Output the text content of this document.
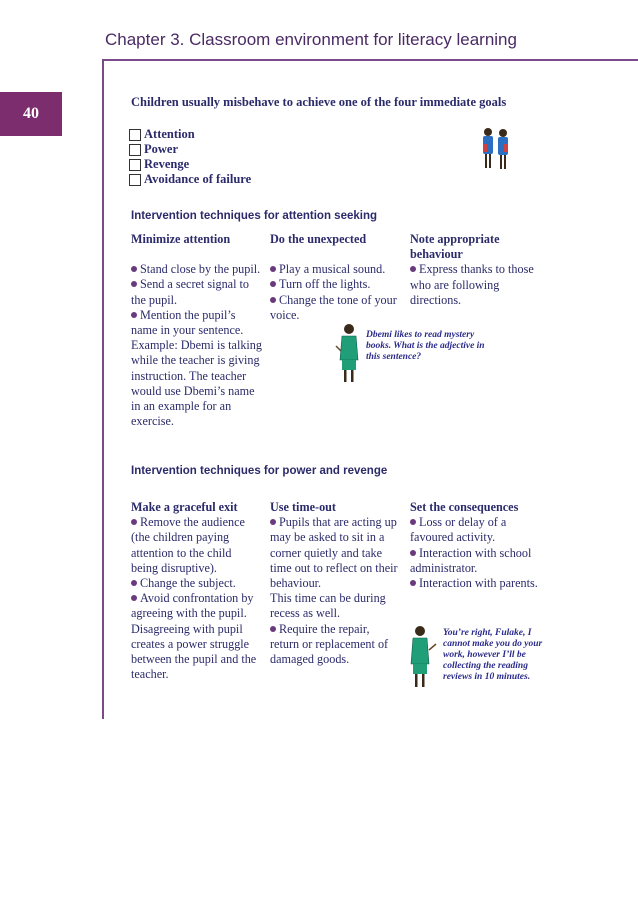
Chapter 3. Classroom environment for literacy learning
40
Children usually misbehave to achieve one of the four immediate goals
Attention
Power
Revenge
Avoidance of failure
Intervention techniques for attention seeking
Minimize attention

Stand close by the pupil.

Send a secret signal to the pupil.

Mention the pupil’s name in your sentence. Example: Dbemi is talking while the teacher is giving instruction. The teacher would use Dbemi’s name in an example for an exercise.

Do the unexpected

Play a musical sound.

Turn off the lights.

Change the tone of your voice.

Note appropriate behaviour

Express thanks to those who are following directions.

Dbemi likes to read mystery books. What is the adjective in this sentence?
Intervention techniques for power and revenge
Make a graceful exit

Remove the audience (the children paying attention to the child being disruptive).

Change the subject.

Avoid confrontation by agreeing with the pupil.

Disagreeing with pupil creates a power struggle between the pupil and the teacher.

Use time-out

Pupils that are acting up may be asked to sit in a corner quietly and take time out to reflect on their behaviour.

This time can be during recess as well.

Require the repair, return or replacement of damaged goods.

Set the consequences

Loss or delay of a favoured activity.

Interaction with school administrator.

Interaction with parents.

You’re right, Fulake, I cannot make you do your work, however I’ll be collecting the reading reviews in 10 minutes.
